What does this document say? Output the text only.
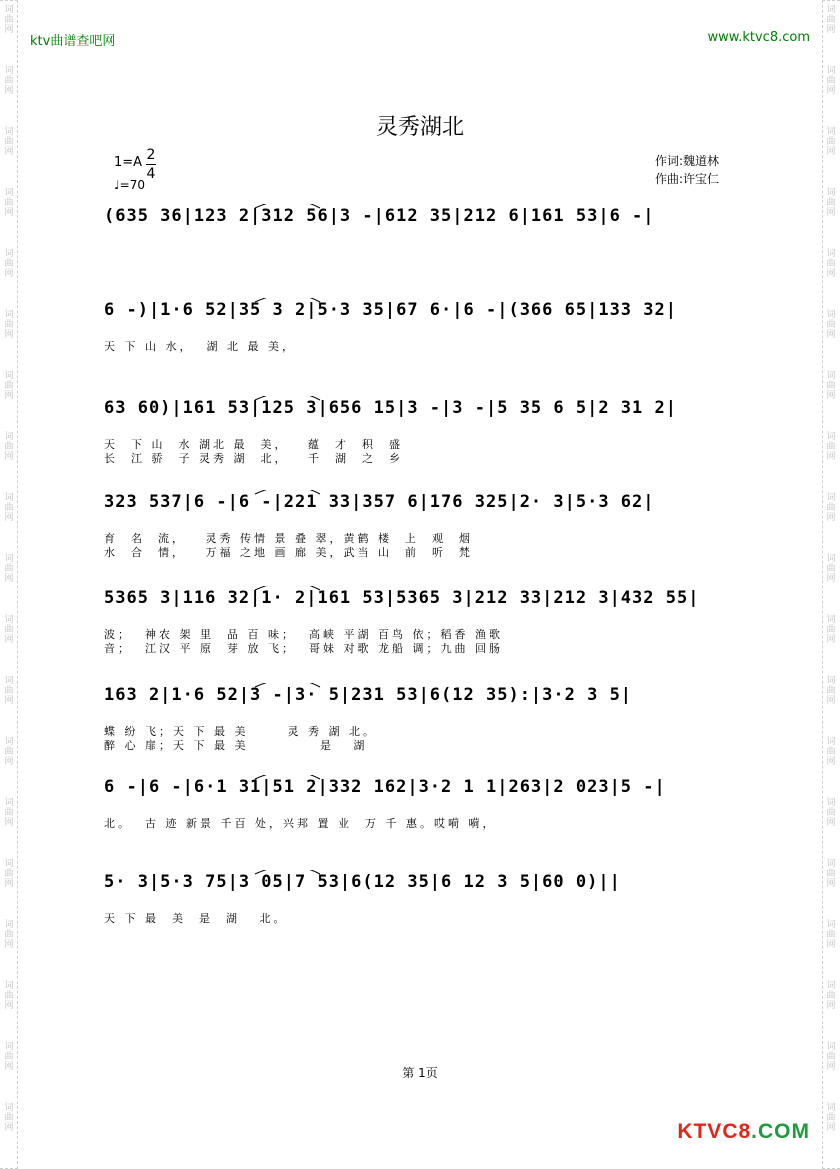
词
曲
网
词
曲
网
词
曲
网
词
曲
网
词
曲
网
词
曲
网
词
曲
网
词
曲
网
词
曲
网
词
曲
网
词
曲
网
词
曲
网
词
曲
网
词
曲
网
词
曲
网
词
曲
网
词
曲
网
词
曲
网
词
曲
网
词
曲
网
词
曲
网
词
曲
网
词
曲
网
词
曲
网
词
曲
网
词
曲
网
词
曲
网
词
曲
网
词
曲
网
词
曲
网
词
曲
网
词
曲
网
词
曲
网
词
曲
网
词
曲
网
词
曲
网
词
曲
网
词
曲
网
ktv曲谱查吧网	www.ktvc8.com
灵秀湖北
1=A 2
4
♩=70
作词:魏道林
作曲:许宝仁
(635 36|123 2|312 56|3 -|612 35|212 6|161 53|6 -|
6 -)|1·6 52|35 3 2|5·3 35|67 6·|6 -|(366 65|133 32|
天 下 山 水，  湖 北 最 美，
63 60)|161 53|125 3|656 15|3 -|3 -|5 35 6 5|2 31 2|
天  下 山  水 湖北 最  美，   蕴  才  积  盛
长  江 骄  子 灵秀 湖  北，   千  湖  之  乡
323 537|6 -|6 -|221 33|357 6|176 325|2· 3|5·3 62|
育  名  流，   灵秀 传情 景 叠 翠，黄鹤 楼  上  观  烟
水  合  情，   万福 之地 画 廊 美，武当 山  前  听  梵
5365 3|116 32|1· 2|161 53|5365 3|212 33|212 3|432 55|
波；  神农 架 里  品 百 味；  高峡 平湖 百鸟 依；稻香 渔歌
音；  江汉 平 原  芽 放 飞；  哥妹 对歌 龙船 调；九曲 回肠
163 2|1·6 52|3 -|3· 5|231 53|6(12 35):|3·2 3 5|
蝶 纷 飞；天 下 最 美      灵 秀 湖 北。
醉 心 扉；天 下 最 美           是   湖
6 -|6 -|6·1 31|51 2|332 162|3·2 1 1|263|2 023|5 -|
北。  古 迹 新景 千百 处，兴邦 置 业  万 千 惠。哎嗬 嗬，
5· 3|5·3 75|3 05|7 53|6(12 35|6 12 3 5|60 0)||
天 下 最  美  是  湖   北。
第 1页
KTVC8.COM
